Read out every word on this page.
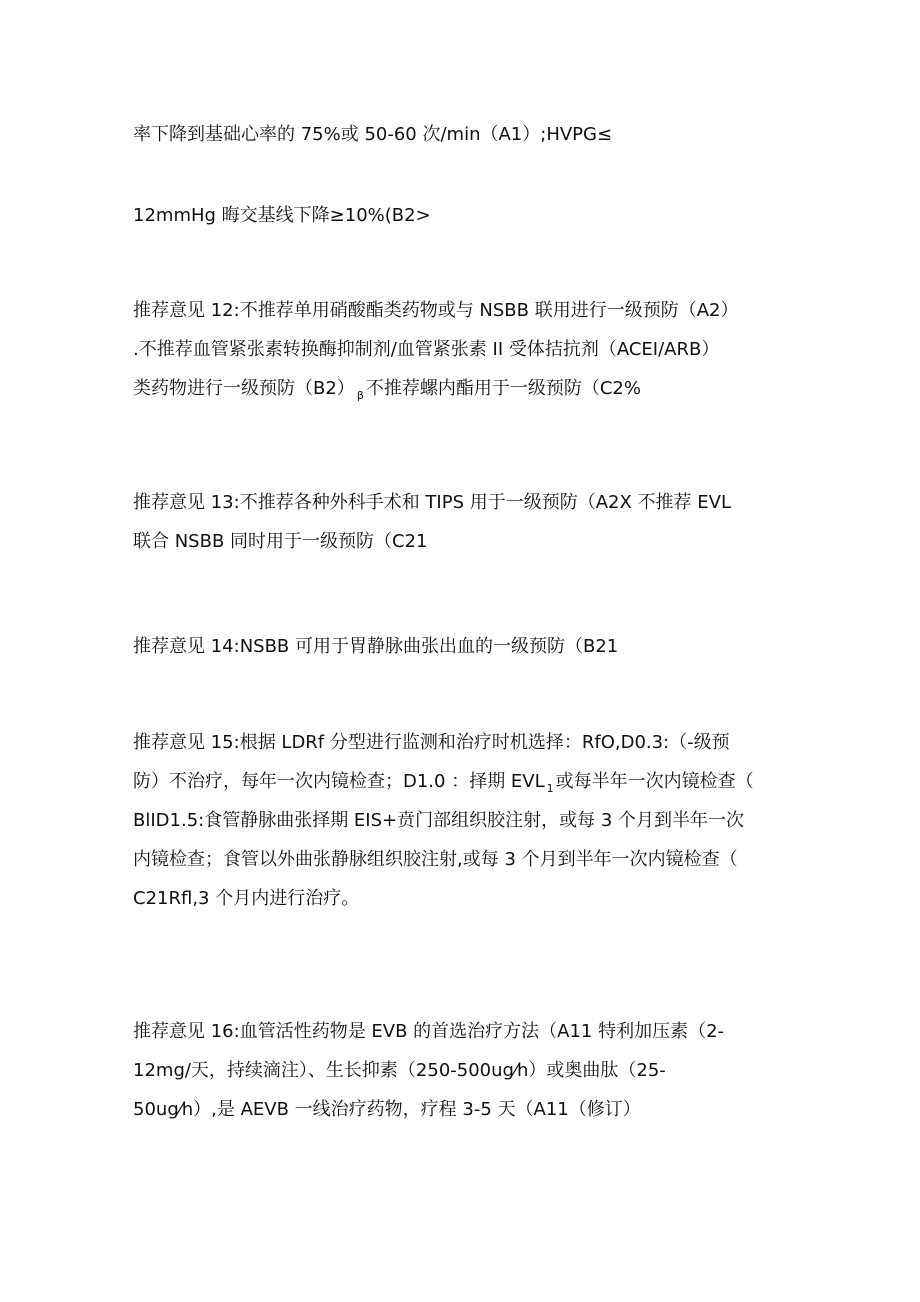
率下降到基础心率的 75%或 50-60 次/min（A1）;HVPG≤

12mmHg 晦交基线下降≥10%(B2>

推荐意见 12:不推荐单用硝酸酯类药物或与 NSBB 联用进行一级预防（A2）
.不推荐血管紧张素转换酶抑制剂/血管紧张素 II 受体拮抗剂（ACEI/ARB）
类药物进行一级预防（B2） $_\beta$ 不推荐螺内酯用于一级预防（C2%

推荐意见 13:不推荐各种外科手术和 TIPS 用于一级预防（A2X 不推荐 EVL
联合 NSBB 同时用于一级预防（C21

推荐意见 14:NSBB 可用于胃静脉曲张出血的一级预防（B21

推荐意见 15:根据 LDRf 分型进行监测和治疗时机选择：RfO,D0.3:（-级预
防）不治疗，每年一次内镜检查；D1.0 ：择期 EVL $_1$ 或每半年一次内镜检查（
BlID1.5:食管静脉曲张择期 EIS+贲门部组织胶注射，或每 3 个月到半年一次
内镜检查；食管以外曲张静脉组织胶注射,或每 3 个月到半年一次内镜检查（
C21Rfl,3 个月内进行治疗。

推荐意见 16:血管活性药物是 EVB 的首选治疗方法（A11 特利加压素（2-
12mg/天，持续滴注）、生长抑素（250-500ug⁄h）或奥曲肽（25-
50ug⁄h）,是 AEVB 一线治疗药物，疗程 3-5 天（A11（修订）
